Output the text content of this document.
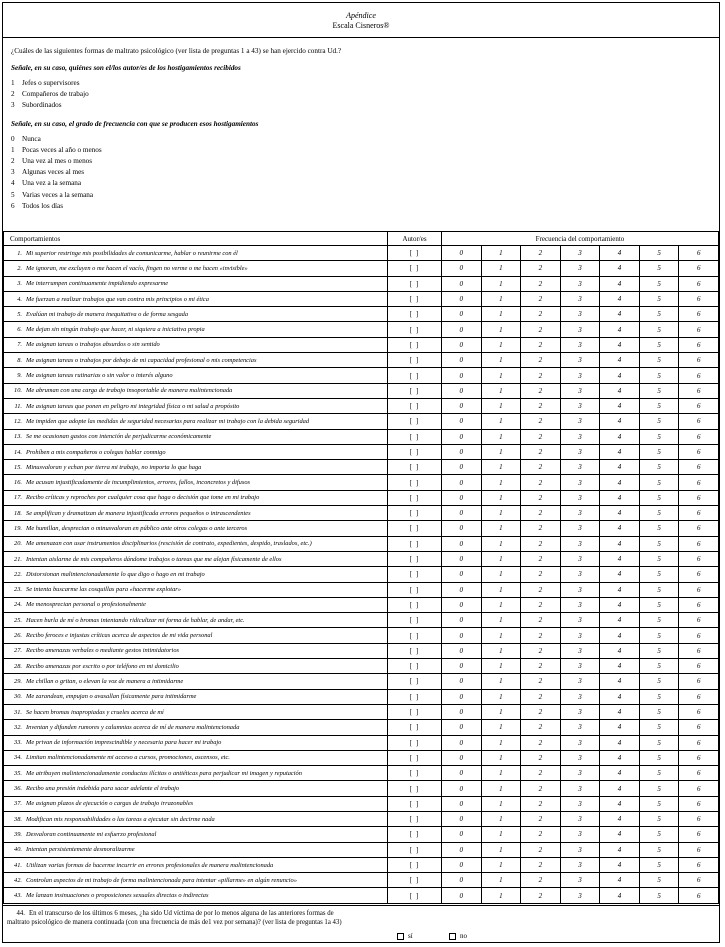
Apéndice
Escala Cisneros®
¿Cuáles de las siguientes formas de maltrato psicológico (ver lista de preguntas 1 a 43) se han ejercido contra Ud.?
Señale, en su caso, quiénes son el/los autor/es de los hostigamientos recibidos
1	Jefes o supervisores
2	Compañeros de trabajo
3	Subordinados
Señale, en su caso, el grado de frecuencia con que se producen esos hostigamientos
0	Nunca
1	Pocas veces al año o menos
2	Una vez al mes o menos
3	Algunas veces al mes
4	Una vez a la semana
5	Varias veces a la semana
6	Todos los días
Comportamientos	Autor/es	Frecuencia del comportamiento						
1. Mi superior restringe mis posibilidades de comunicarme, hablar o reunirme con él	[ ]	0	1	2	3	4	5	6
2. Me ignoran, me excluyen o me hacen el vacío, fingen no verme o me hacen «invisible»	[ ]	0	1	2	3	4	5	6
3. Me interrumpen continuamente impidiendo expresarme	[ ]	0	1	2	3	4	5	6
4. Me fuerzan a realizar trabajos que van contra mis principios o mi ética	[ ]	0	1	2	3	4	5	6
5. Evalúan mi trabajo de manera inequitativa o de forma sesgada	[ ]	0	1	2	3	4	5	6
6. Me dejan sin ningún trabajo que hacer, ni siquiera a iniciativa propia	[ ]	0	1	2	3	4	5	6
7. Me asignan tareas o trabajos absurdos o sin sentido	[ ]	0	1	2	3	4	5	6
8. Me asignan tareas o trabajos por debajo de mi capacidad profesional o mis competencias	[ ]	0	1	2	3	4	5	6
9. Me asignan tareas rutinarias o sin valor o interés alguno	[ ]	0	1	2	3	4	5	6
10. Me abruman con una carga de trabajo insoportable de manera malintencionada	[ ]	0	1	2	3	4	5	6
11. Me asignan tareas que ponen en peligro mi integridad física o mi salud a propósito	[ ]	0	1	2	3	4	5	6
12. Me impiden que adopte las medidas de seguridad necesarias para realizar mi trabajo con la debida seguridad	[ ]	0	1	2	3	4	5	6
13. Se me ocasionan gastos con intención de perjudicarme económicamente	[ ]	0	1	2	3	4	5	6
14. Prohíben a mis compañeros o colegas hablar conmigo	[ ]	0	1	2	3	4	5	6
15. Minusvaloran y echan por tierra mi trabajo, no importa lo que haga	[ ]	0	1	2	3	4	5	6
16. Me acusan injustificadamente de incumplimientos, errores, fallos, inconcretos y difusos	[ ]	0	1	2	3	4	5	6
17. Recibo críticas y reproches por cualquier cosa que haga o decisión que tome en mi trabajo	[ ]	0	1	2	3	4	5	6
18. Se amplifican y dramatizan de manera injustificada errores pequeños o intrascendentes	[ ]	0	1	2	3	4	5	6
19. Me humillan, desprecian o minusvaloran en público ante otros colegas o ante terceros	[ ]	0	1	2	3	4	5	6
20. Me amenazan con usar instrumentos disciplinarios (rescisión de contrato, expedientes, despido, traslados, etc.)	[ ]	0	1	2	3	4	5	6
21. Intentan aislarme de mis compañeros dándome trabajos o tareas que me alejan físicamente de ellos	[ ]	0	1	2	3	4	5	6
22. Distorsionan malintencionadamente lo que digo o hago en mi trabajo	[ ]	0	1	2	3	4	5	6
23. Se intenta buscarme las cosquillas para «hacerme explotar»	[ ]	0	1	2	3	4	5	6
24. Me menosprecian personal o profesionalmente	[ ]	0	1	2	3	4	5	6
25. Hacen burla de mí o bromas intentando ridiculizar mi forma de hablar, de andar, etc.	[ ]	0	1	2	3	4	5	6
26. Recibo feroces e injustas críticas acerca de aspectos de mi vida personal	[ ]	0	1	2	3	4	5	6
27. Recibo amenazas verbales o mediante gestos intimidatorios	[ ]	0	1	2	3	4	5	6
28. Recibo amenazas por escrito o por teléfono en mi domicilio	[ ]	0	1	2	3	4	5	6
29. Me chillan o gritan, o elevan la voz de manera a intimidarme	[ ]	0	1	2	3	4	5	6
30. Me zarandean, empujan o avasallan físicamente para intimidarme	[ ]	0	1	2	3	4	5	6
31. Se hacen bromas inapropiadas y crueles acerca de mí	[ ]	0	1	2	3	4	5	6
32. Inventan y difunden rumores y calumnias acerca de mí de manera malintencionada	[ ]	0	1	2	3	4	5	6
33. Me privan de información imprescindible y necesaria para hacer mi trabajo	[ ]	0	1	2	3	4	5	6
34. Limitan malintencionadamente mi acceso a cursos, promociones, ascensos, etc.	[ ]	0	1	2	3	4	5	6
35. Me atribuyen malintencionadamente conductas ilícitas o antiéticas para perjudicar mi imagen y reputación	[ ]	0	1	2	3	4	5	6
36. Recibo una presión indebida para sacar adelante el trabajo	[ ]	0	1	2	3	4	5	6
37. Me asignan plazos de ejecución o cargas de trabajo irrazonables	[ ]	0	1	2	3	4	5	6
38. Modifican mis responsabilidades o las tareas a ejecutar sin decirme nada	[ ]	0	1	2	3	4	5	6
39. Desvaloran continuamente mi esfuerzo profesional	[ ]	0	1	2	3	4	5	6
40. Intentan persistentemente desmoralizarme	[ ]	0	1	2	3	4	5	6
41. Utilizan varias formas de hacerme incurrir en errores profesionales de manera malintencionada	[ ]	0	1	2	3	4	5	6
42. Controlan aspectos de mi trabajo de forma malintencionada para intentar «pillarme» en algún renuncio»	[ ]	0	1	2	3	4	5	6
43. Me lanzan insinuaciones o proposiciones sexuales directas o indirectas	[ ]	0	1	2	3	4	5	6
44. En el transcurso de los últimos 6 meses, ¿ha sido Ud víctima de por lo menos alguna de las anteriores formas de maltrato psicológico de manera continuada (con una frecuencia de más de1 vez por semana)? (ver lista de preguntas 1a 43)
sí	no
